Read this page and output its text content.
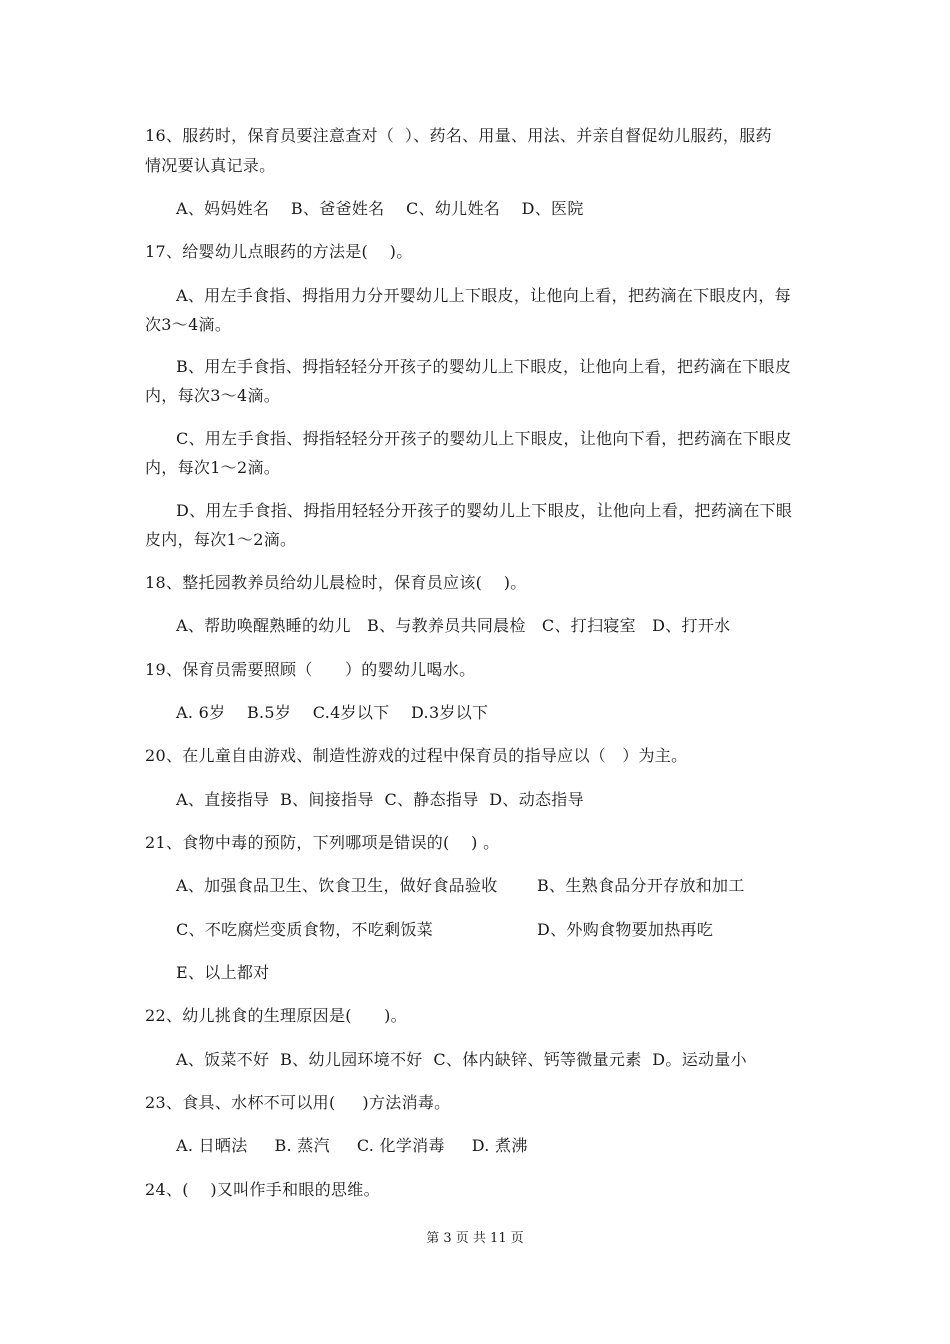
16、服药时，保育员要注意查对（  ）、药名、用量、用法、并亲自督促幼儿服药，服药
情况要认真记录。
A、妈妈姓名    B、爸爸姓名    C、幼儿姓名    D、医院
17、给婴幼儿点眼药的方法是(    )。
A、用左手食指、拇指用力分开婴幼儿上下眼皮，让他向上看，把药滴在下眼皮内，每
次3～4滴。
B、用左手食指、拇指轻轻分开孩子的婴幼儿上下眼皮，让他向上看，把药滴在下眼皮
内，每次3～4滴。
C、用左手食指、拇指轻轻分开孩子的婴幼儿上下眼皮，让他向下看，把药滴在下眼皮
内，每次1～2滴。
D、用左手食指、拇指用轻轻分开孩子的婴幼儿上下眼皮，让他向上看，把药滴在下眼
皮内，每次1～2滴。
18、整托园教养员给幼儿晨检时，保育员应该(    )。
A、帮助唤醒熟睡的幼儿   B、与教养员共同晨检   C、打扫寝室   D、打开水
19、保育员需要照顾（      ）的婴幼儿喝水。
A. 6岁    B.5岁    C.4岁以下    D.3岁以下
20、在儿童自由游戏、制造性游戏的过程中保育员的指导应以（   ）为主。
A、直接指导  B、间接指导  C、静态指导  D、动态指导
21、食物中毒的预防，下列哪项是错误的(    ) 。
A、加强食品卫生、饮食卫生，做好食品验收 B、生熟食品分开存放和加工
C、不吃腐烂变质食物，不吃剩饭菜	D、外购食物要加热再吃
E、以上都对
22、幼儿挑食的生理原因是(      )。
A、饭菜不好  B、幼儿园环境不好  C、体内缺锌、钙等微量元素  D。运动量小
23、食具、水杯不可以用(     )方法消毒。
A. 日晒法     B. 蒸汽     C. 化学消毒     D. 煮沸
24、(    )又叫作手和眼的思维。
第 3 页 共 11 页
